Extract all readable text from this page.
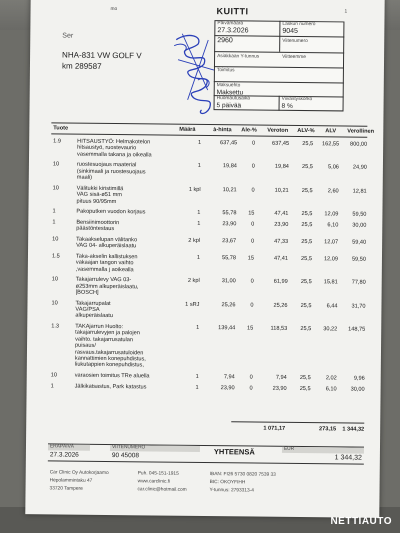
mo	KUITTI	1
Päivämäärä
27.3.2026
Laskun numero
9045
2960	Viitenumero
Asiakkaan Y-tunnus	Viitteemme
Toimitus
Maksuehto
Maksettu
Huomautusaika
5 päivää
Viivästyskorko
8 %
Ser
NHA-831 VW GOLF V
km 289587
Tuote	Määrä	à-hinta Ale-% Veroton ALV-% ALV Verollinen
1.9	1	637,45	0	637,45	25,5	162,55	800,00
HITSAUSTYÖ: Helmakotelon
hitsaustyö, ruostevaurio
vasemmalla takana ja oikealla
10	1	19,84	0	19,84	25,5	5,06	24,90
ruostesuojaus maaterial
(sinkimaali ja ruostesuojaus
maali)
10	1 kpl	10,21	0	10,21	25,5	2,60	12,81
Välitukki kiristimillä
VAG sisä-ø51 mm
pituus 90/95mm
1	1	55,78	15	47,41	25,5	12,09	59,50
Pakoputken vuodon korjaus
1	1	23,90	0	23,90	25,5	6,10	30,00
Bensiinimoottorin
päästöntestaus
10	2 kpl	23,67	0	47,33	25,5	12,07	59,40
Takaakselupan välitanko
VAG 04- alkuperäislaatu
1.5	1	55,78	15	47,41	25,5	12,09	59,50
Taka-akselin kallistuksen
vakaajan tangon vaihto
,vasemmalla j aoikealla
10	2 kpl	31,00	0	61,99	25,5	15,81	77,80
Takajarrulevy VAG 03-
ø253mm alkuperäislaatu,
[BOSCH]
10	1 sRJ	25,26	0	25,26	25,5	6,44	31,70
Takajarrupalat
VAG/PSA
alkuperäislaatu
1.3	1	139,44	15	118,53	25,5	30,22	148,75
TAKAjarrun Huolto:
takajarrulevyjen ja palojen
vaihto. takajarrusatulan
puisaus/
rasvaus.takajarrusatuloiden
kannattimien konepuhdistus,
liukutappien konepuhdistus,
10	1	7,94	0	7,94	25,5	2,02	9,96
varaosien toimitus TRe aluella
1	1	23,90	0	23,90	25,5	6,10	30,00
Jälkikatsastus, Park katastus
1 071,17	273,15	1 344,32
ERÄPÄIVÄ
27.3.2026
VIITENUMERO
90 45008	YHTEENSÄ	EUR
1 344,32
Car Clinic Oy Autokorjaamo
Hepolammintaku 47
33720 Tampere
Puh. 045-151-1915
www.carclinic.fi
car.clinic@hotmail.com
IBAN: FI26 5730 0820 7539 33
BIC: OKOYFIHH
Y-tunnus: 2793313-4
NETTIAUTO
